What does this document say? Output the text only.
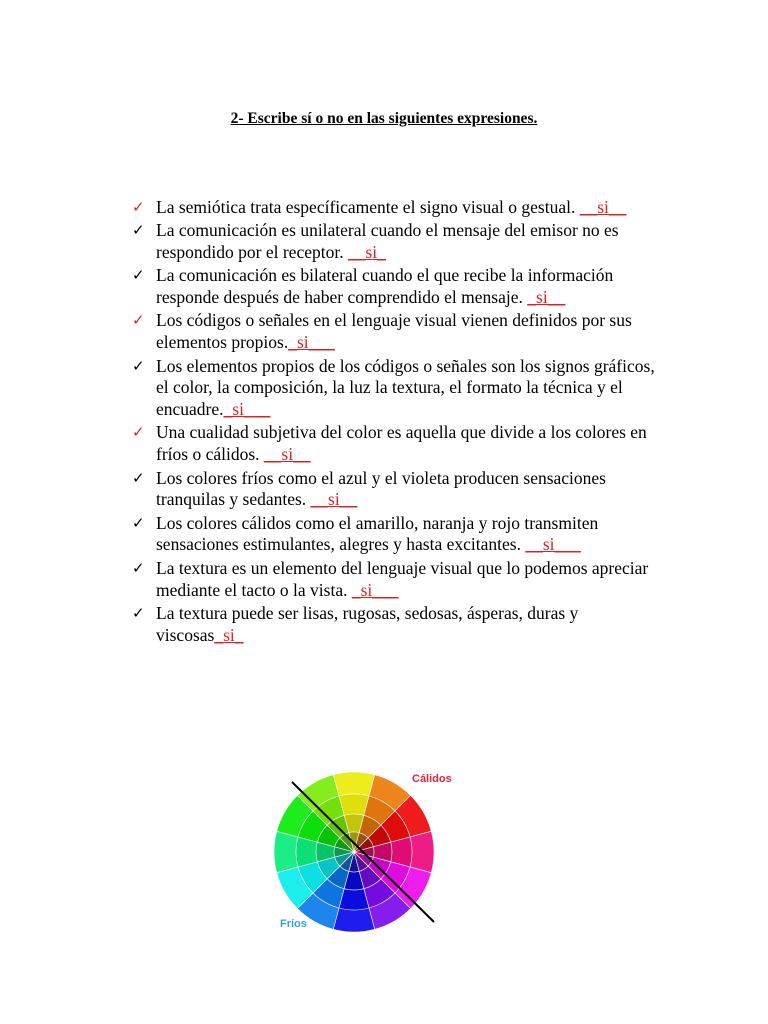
2- Escribe sí o no en las siguientes expresiones.
✓ La semiótica trata específicamente el signo visual o gestual. __si__
✓ La comunicación es unilateral cuando el mensaje del emisor no es respondido por el receptor. __si_
✓ La comunicación es bilateral cuando el que recibe la información responde después de haber comprendido el mensaje. _si__
✓ Los códigos o señales en el lenguaje visual vienen definidos por sus elementos propios._si___
✓ Los elementos propios de los códigos o señales son los signos gráficos, el color, la composición, la luz la textura, el formato la técnica y el encuadre._si___
✓ Una cualidad subjetiva del color es aquella que divide a los colores en fríos o cálidos. __si__
✓ Los colores fríos como el azul y el violeta producen sensaciones tranquilas y sedantes. __si__
✓ Los colores cálidos como el amarillo, naranja y rojo transmiten sensaciones estimulantes, alegres y hasta excitantes. __si___
✓ La textura es un elemento del lenguaje visual que lo podemos apreciar mediante el tacto o la vista. _si___
✓ La textura puede ser lisas, rugosas, sedosas, ásperas, duras y viscosas_si_
Cálidos
Fríos
